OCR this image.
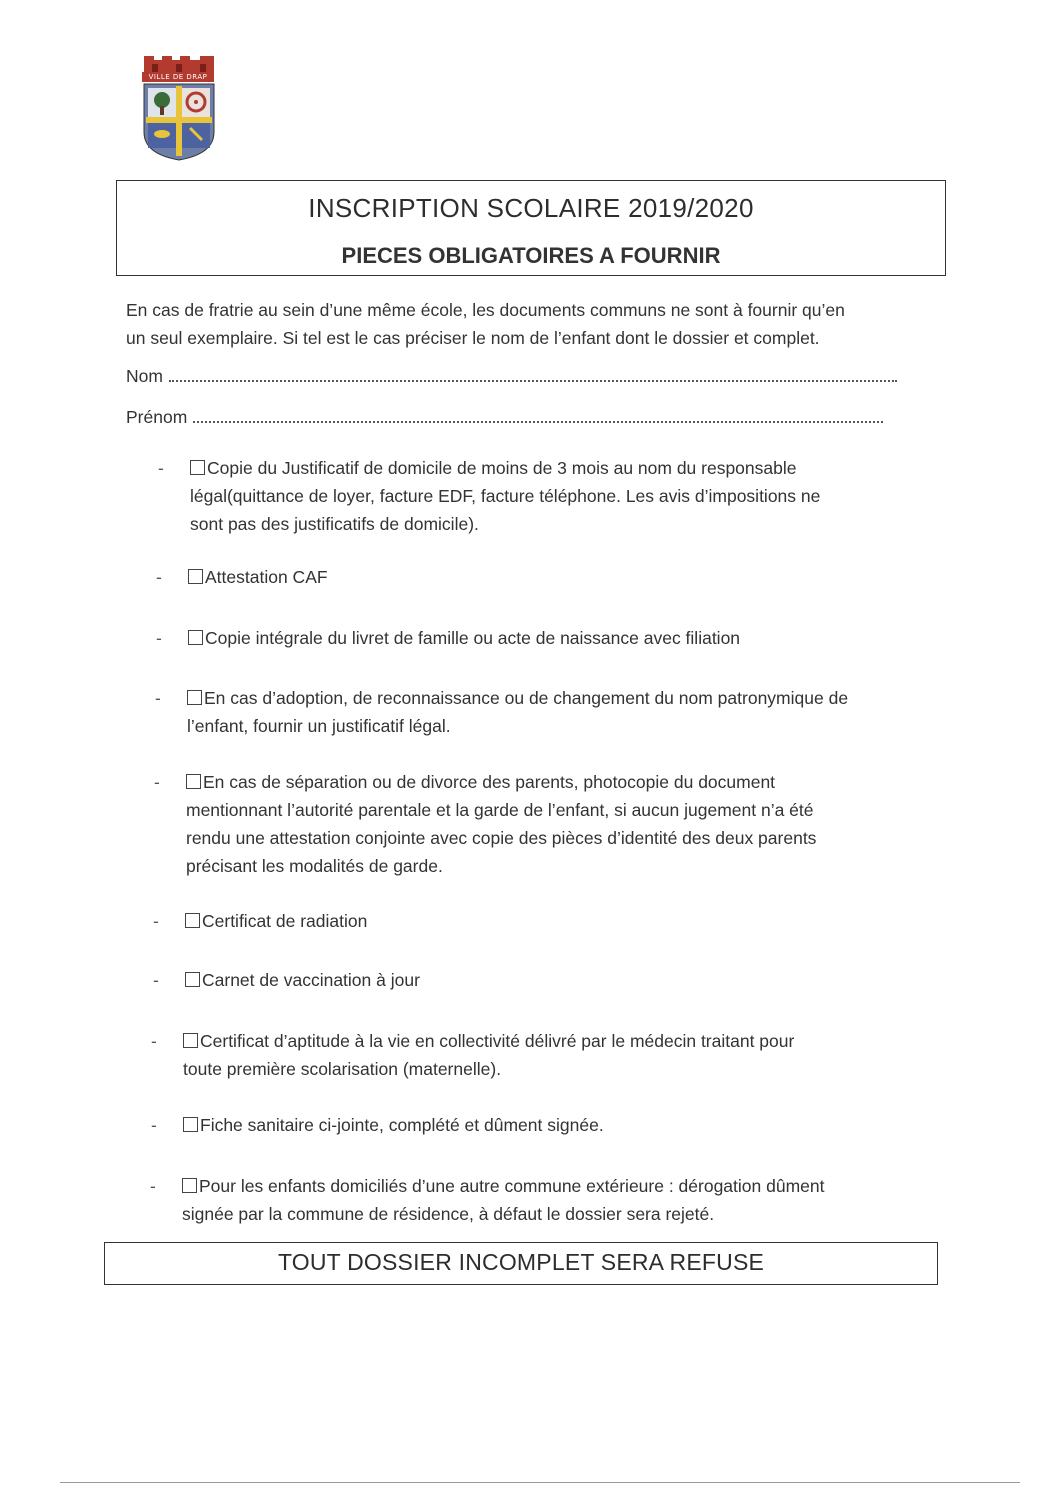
VILLE DE DRAP
INSCRIPTION SCOLAIRE 2019/2020
PIECES OBLIGATOIRES A FOURNIR
En cas de fratrie au sein d’une même école, les documents communs ne sont à fournir qu’en
un seul exemplaire. Si tel est le cas préciser le nom de l’enfant dont le dossier et complet.
Nom
Prénom
-	Copie du Justificatif de domicile de moins de 3 mois au nom du responsable
légal(quittance de loyer, facture EDF, facture téléphone. Les avis d’impositions ne
sont pas des justificatifs de domicile).
-	Attestation CAF
-	Copie intégrale du livret de famille ou acte de naissance avec filiation
-	En cas d’adoption, de reconnaissance ou de changement du nom patronymique de
l’enfant, fournir un justificatif légal.
-	En cas de séparation ou de divorce des parents, photocopie du document
mentionnant l’autorité parentale et la garde de l’enfant, si aucun jugement n’a été
rendu une attestation conjointe avec copie des pièces d’identité des deux parents
précisant les modalités de garde.
-	Certificat de radiation
-	Carnet de vaccination à jour
-	Certificat d’aptitude à la vie en collectivité délivré par le médecin traitant pour
toute première scolarisation (maternelle).
-	Fiche sanitaire ci-jointe, complété et dûment signée.
-	Pour les enfants domiciliés d’une autre commune extérieure : dérogation dûment
signée par la commune de résidence, à défaut le dossier sera rejeté.
TOUT DOSSIER INCOMPLET SERA REFUSE
